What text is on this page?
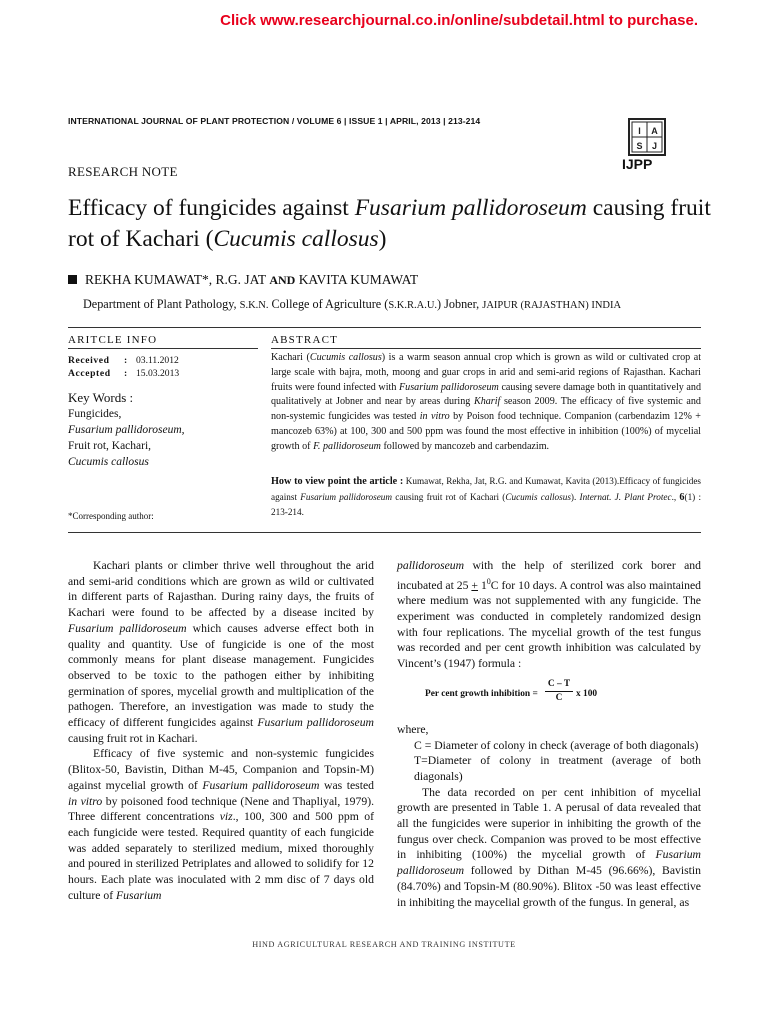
Click www.researchjournal.co.in/online/subdetail.html to purchase.
INTERNATIONAL JOURNAL OF PLANT PROTECTION / VOLUME 6 | ISSUE 1 | APRIL, 2013 | 213-214
I A
S J
IJPP
RESEARCH NOTE
Efficacy of fungicides against Fusarium pallidoroseum causing fruit rot of Kachari (Cucumis callosus)
REKHA KUMAWAT*, R.G. JAT AND KAVITA KUMAWAT
Department of Plant Pathology, S.K.N. College of Agriculture (S.K.R.A.U.) Jobner, JAIPUR (RAJASTHAN) INDIA
ARITCLE INFO
Received : 03.11.2012
Accepted : 15.03.2013
Key Words :
Fungicides,
Fusarium pallidoroseum,
Fruit rot, Kachari,
Cucumis callosus
*Corresponding author:
ABSTRACT
Kachari (Cucumis callosus) is a warm season annual crop which is grown as wild or cultivated crop at large scale with bajra, moth, moong and guar crops in arid and semi-arid regions of Rajasthan. Kachari fruits were found infected with Fusarium pallidoroseum causing severe damage both in quantitatively and qualitatively at Jobner and near by areas during Kharif season 2009. The efficacy of five systemic and non-systemic fungicides was tested in vitro by Poison food technique. Companion (carbendazim 12% + mancozeb 63%) at 100, 300 and 500 ppm was found the most effective in inhibition (100%) of mycelial growth of F. pallidoroseum followed by mancozeb and carbendazim.
How to view point the article : Kumawat, Rekha, Jat, R.G. and Kumawat, Kavita (2013).Efficacy of fungicides against Fusarium pallidoroseum causing fruit rot of Kachari (Cucumis callosus). Internat. J. Plant Protec., 6(1) : 213-214.

Kachari plants or climber thrive well throughout the arid and semi-arid conditions which are grown as wild or cultivated in different parts of Rajasthan. During rainy days, the fruits of Kachari were found to be affected by a disease incited by Fusarium pallidoroseum which causes adverse effect both in quality and quantity. Use of fungicide is one of the most commonly means for plant disease management. Fungicides observed to be toxic to the pathogen either by inhibiting germination of spores, mycelial growth and multiplication of the pathogen. Therefore, an investigation was made to study the efficacy of different fungicides against Fusarium pallidoroseum causing fruit rot in Kachari.

Efficacy of five systemic and non-systemic fungicides (Blitox-50, Bavistin, Dithan M-45, Companion and Topsin-M) against mycelial growth of Fusarium pallidoroseum was tested in vitro by poisoned food technique (Nene and Thapliyal, 1979). Three different concentrations viz., 100, 300 and 500 ppm of each fungicide were tested. Required quantity of each fungicide was added separately to sterilized medium, mixed thoroughly and poured in sterilized Petriplates and allowed to solidify for 12 hours. Each plate was inoculated with 2 mm disc of 7 days old culture of Fusarium

pallidoroseum with the help of sterilized cork borer and incubated at $25 + 1^0C$ for 10 days. A control was also maintained where medium was not supplemented with any fungicide. The experiment was conducted in completely randomized design with four replications. The mycelial growth of the test fungus was recorded and per cent growth inhibition was calculated by Vincent’s (1947) formula :

Per cent growth inhibition = $\frac{C - T}{C}$ x 100

where,

C = Diameter of colony in check (average of both diagonals)

T=Diameter of colony in treatment (average of both diagonals)

The data recorded on per cent inhibition of mycelial growth are presented in Table 1. A perusal of data revealed that all the fungicides were superior in inhibiting the growth of the fungus over check. Companion was proved to be most effective in inhibiting (100%) the mycelial growth of Fusarium pallidoroseum followed by Dithan M-45 (96.66%), Bavistin (84.70%) and Topsin-M (80.90%). Blitox -50 was least effective in inhibiting the maycelial growth of the fungus. In general, as

HIND AGRICULTURAL RESEARCH AND TRAINING INSTITUTE
